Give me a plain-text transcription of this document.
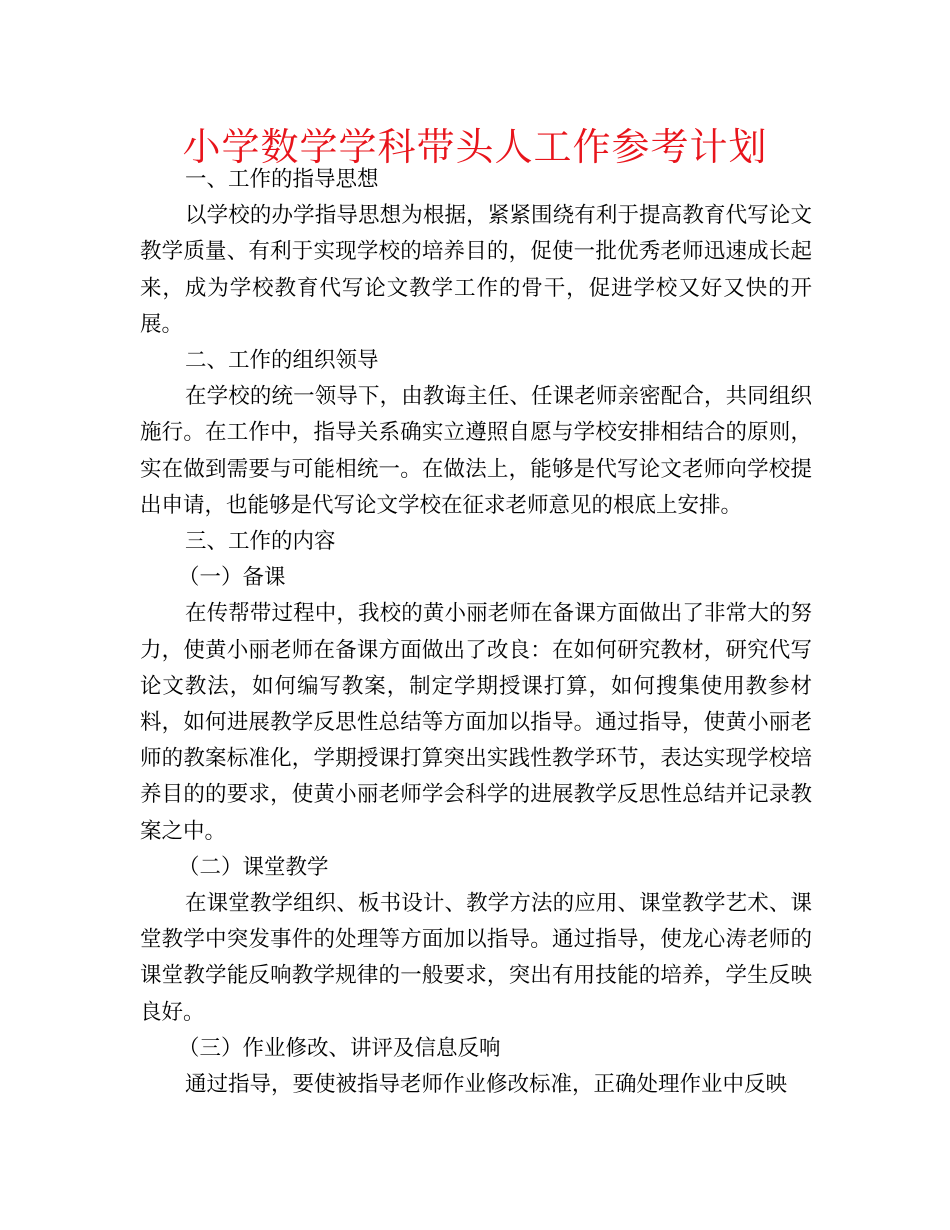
小学数学学科带头人工作参考计划

一、工作的指导思想

以学校的办学指导思想为根据，紧紧围绕有利于提高教育代写论文教学质量、有利于实现学校的培养目的，促使一批优秀老师迅速成长起来，成为学校教育代写论文教学工作的骨干，促进学校又好又快的开展。

二、工作的组织领导

在学校的统一领导下，由教诲主任、任课老师亲密配合，共同组织施行。在工作中，指导关系确实立遵照自愿与学校安排相结合的原则，实在做到需要与可能相统一。在做法上，能够是代写论文老师向学校提出申请，也能够是代写论文学校在征求老师意见的根底上安排。

三、工作的内容

（一）备课

在传帮带过程中，我校的黄小丽老师在备课方面做出了非常大的努力，使黄小丽老师在备课方面做出了改良：在如何研究教材，研究代写论文教法，如何编写教案，制定学期授课打算，如何搜集使用教参材料，如何进展教学反思性总结等方面加以指导。通过指导，使黄小丽老师的教案标准化，学期授课打算突出实践性教学环节，表达实现学校培养目的的要求，使黄小丽老师学会科学的进展教学反思性总结并记录教案之中。

（二）课堂教学

在课堂教学组织、板书设计、教学方法的应用、课堂教学艺术、课堂教学中突发事件的处理等方面加以指导。通过指导，使龙心涛老师的课堂教学能反响教学规律的一般要求，突出有用技能的培养，学生反映良好。

（三）作业修改、讲评及信息反响

通过指导，要使被指导老师作业修改标准，正确处理作业中反映
